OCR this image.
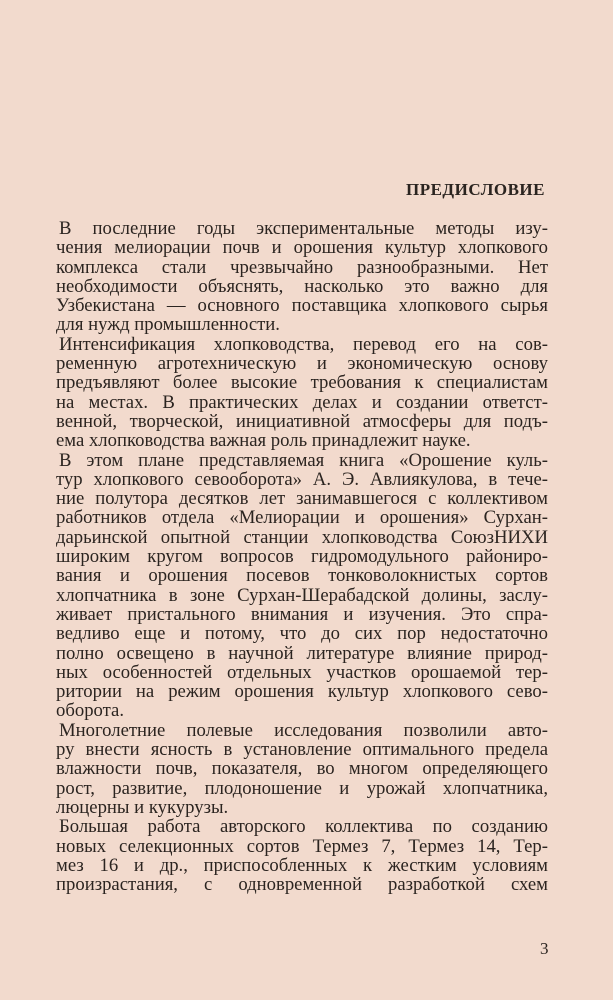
ПРЕДИСЛОВИЕ
В последние годы экспериментальные методы изу-
чения мелиорации почв и орошения культур хлопкового
комплекса стали чрезвычайно разнообразными. Нет
необходимости объяснять, насколько это важно для
Узбекистана — основного поставщика хлопкового сырья
для нужд промышленности.
Интенсификация хлопководства, перевод его на сов-
ременную агротехническую и экономическую основу
предъявляют более высокие требования к специалистам
на местах. В практических делах и создании ответст-
венной, творческой, инициативной атмосферы для подъ-
ема хлопководства важная роль принадлежит науке.
В этом плане представляемая книга «Орошение куль-
тур хлопкового севооборота» А. Э. Авлиякулова, в тече-
ние полутора десятков лет занимавшегося с коллективом
работников отдела «Мелиорации и орошения» Сурхан-
дарьинской опытной станции хлопководства СоюзНИХИ
широким кругом вопросов гидромодульного райониро-
вания и орошения посевов тонковолокнистых сортов
хлопчатника в зоне Сурхан-Шерабадской долины, заслу-
живает пристального внимания и изучения. Это спра-
ведливо еще и потому, что до сих пор недостаточно
полно освещено в научной литературе влияние природ-
ных особенностей отдельных участков орошаемой тер-
ритории на режим орошения культур хлопкового сево-
оборота.
Многолетние полевые исследования позволили авто-
ру внести ясность в установление оптимального предела
влажности почв, показателя, во многом определяющего
рост, развитие, плодоношение и урожай хлопчатника,
люцерны и кукурузы.
Большая работа авторского коллектива по созданию
новых селекционных сортов Термез 7, Термез 14, Тер-
мез 16 и др., приспособленных к жестким условиям
произрастания, с одновременной разработкой схем
3
